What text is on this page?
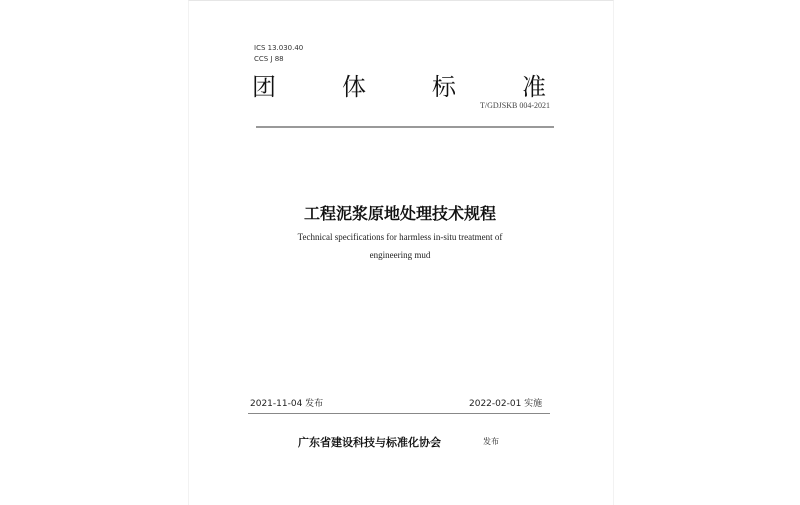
ICS 13.030.40
CCS J 88
团	体	标	准
T/GDJSKB 004-2021
工程泥浆原地处理技术规程
Technical specifications for harmless in-situ treatment of
engineering mud
2021-11-04 发布	2022-02-01 实施
广东省建设科技与标准化协会	发布
